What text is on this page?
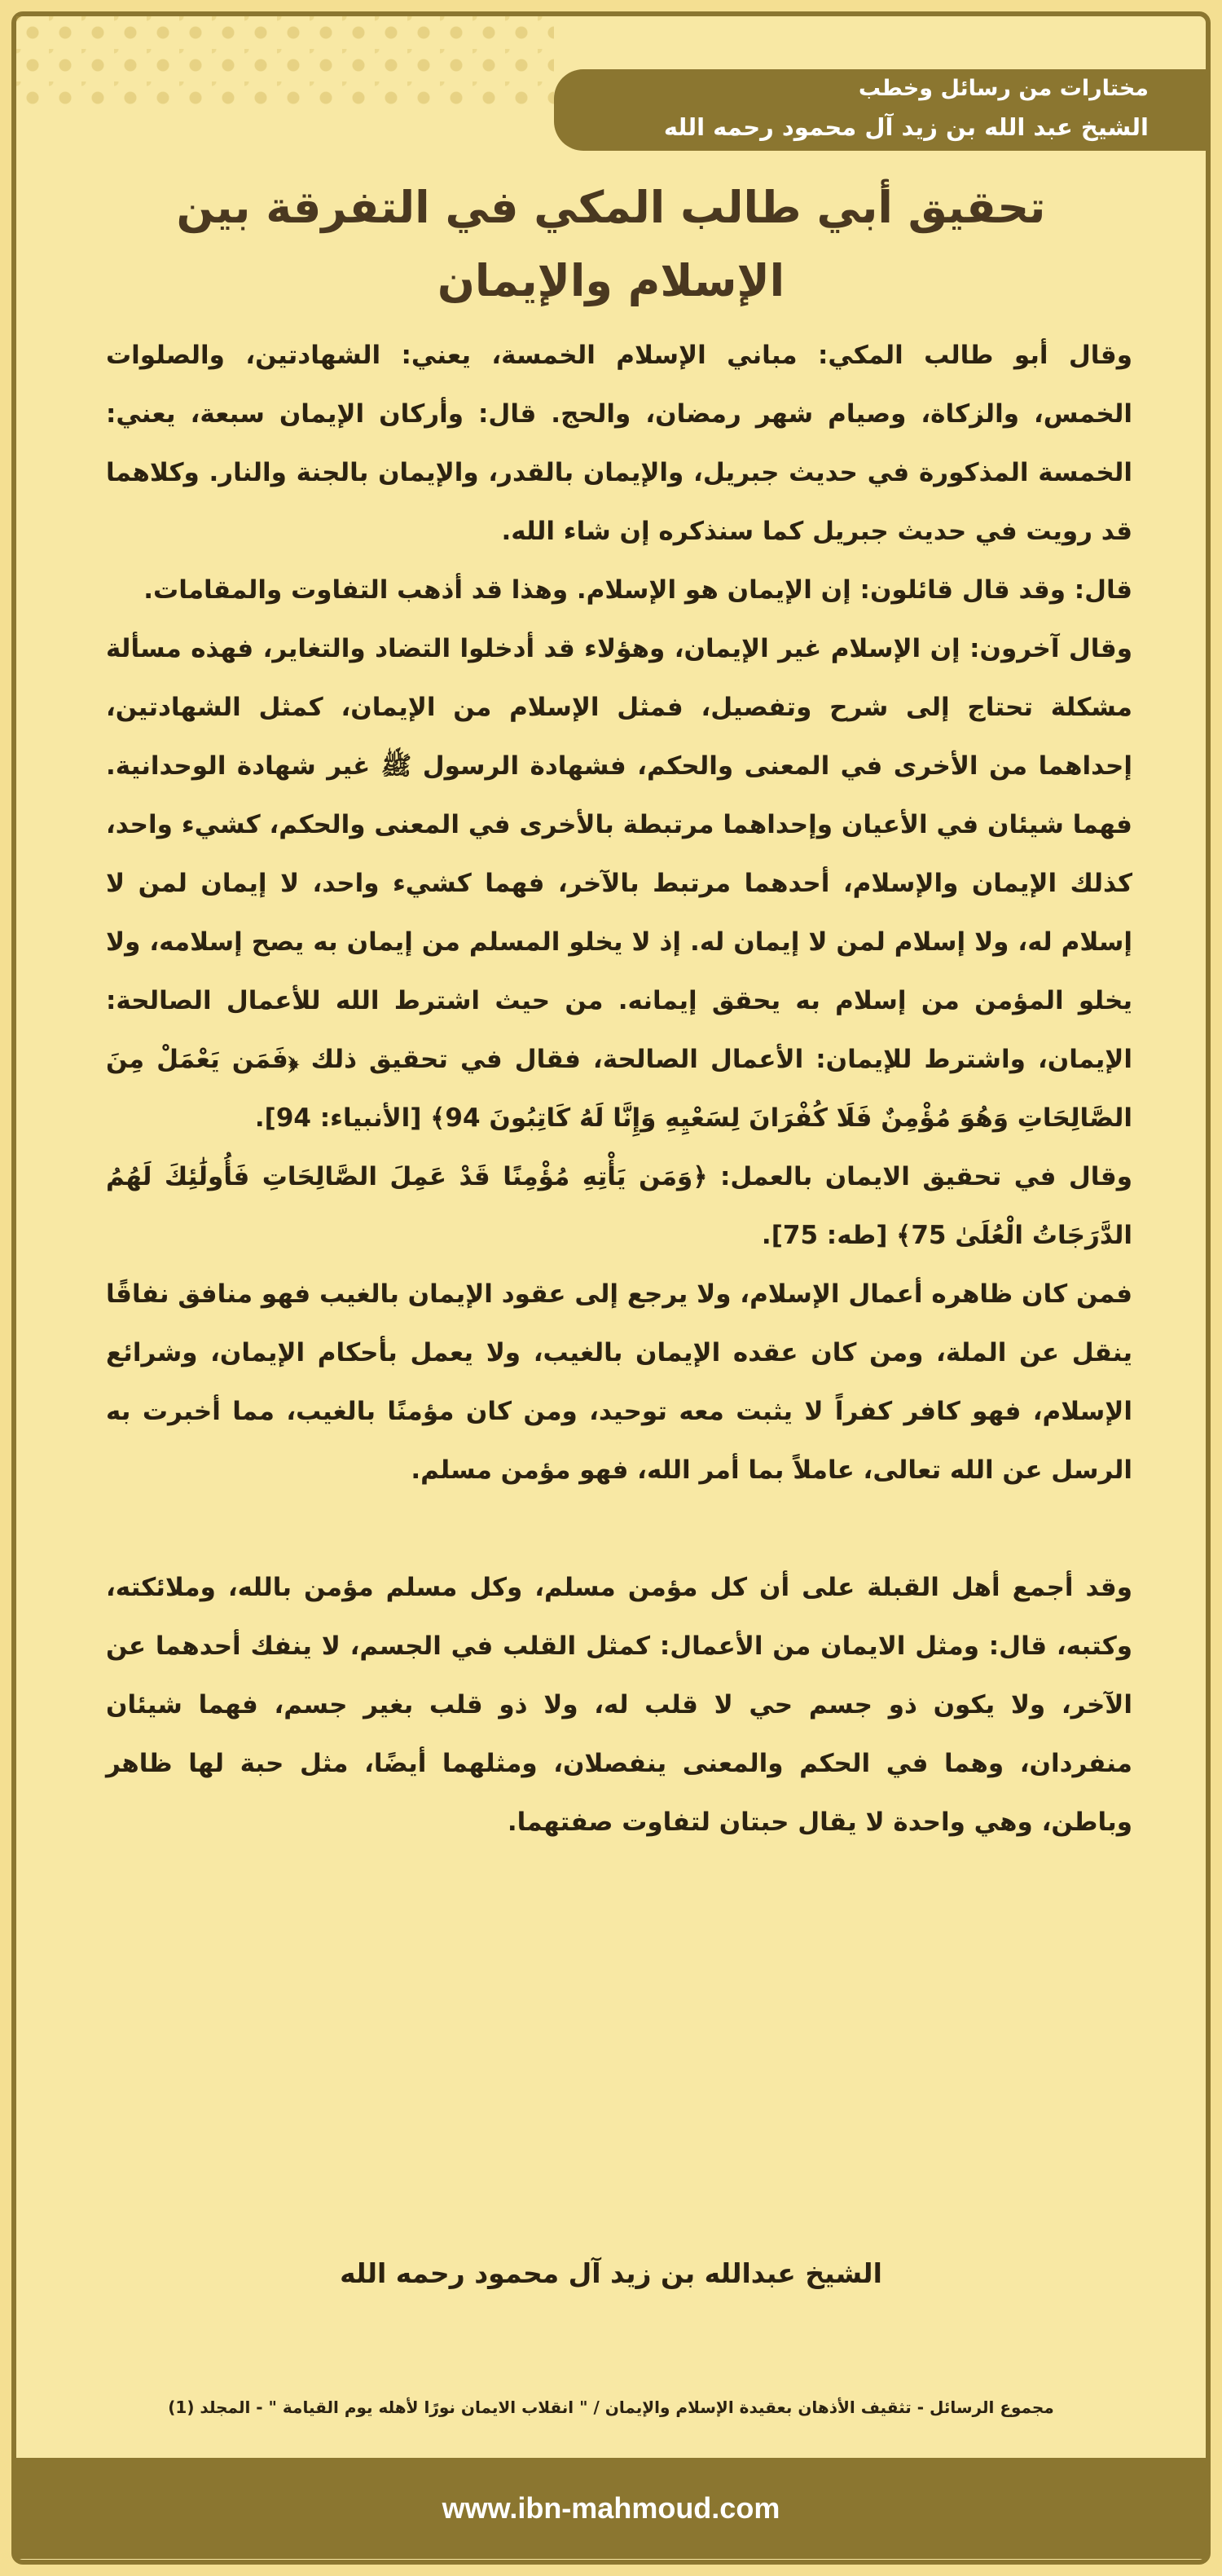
مختارات من رسائل وخطب
الشيخ عبد الله بن زيد آل محمود رحمه الله
تحقيق أبي طالب المكي في التفرقة بين الإسلام والإيمان

وقال أبو طالب المكي: مباني الإسلام الخمسة، يعني: الشهادتين، والصلوات الخمس، والزكاة، وصيام شهر رمضان، والحج. قال: وأركان الإيمان سبعة، يعني: الخمسة المذكورة في حديث جبريل، والإيمان بالقدر، والإيمان بالجنة والنار. وكلاهما قد رويت في حديث جبريل كما سنذكره إن شاء الله.

قال: وقد قال قائلون: إن الإيمان هو الإسلام. وهذا قد أذهب التفاوت والمقامات.

وقال آخرون: إن الإسلام غير الإيمان، وهؤلاء قد أدخلوا التضاد والتغاير، فهذه مسألة مشكلة تحتاج إلى شرح وتفصيل، فمثل الإسلام من الإيمان، كمثل الشهادتين، إحداهما من الأخرى في المعنى والحكم، فشهادة الرسول ﷺ غير شهادة الوحدانية. فهما شيئان في الأعيان وإحداهما مرتبطة بالأخرى في المعنى والحكم، كشيء واحد، كذلك الإيمان والإسلام، أحدهما مرتبط بالآخر، فهما كشيء واحد، لا إيمان لمن لا إسلام له، ولا إسلام لمن لا إيمان له. إذ لا يخلو المسلم من إيمان به يصح إسلامه، ولا يخلو المؤمن من إسلام به يحقق إيمانه. من حيث اشترط الله للأعمال الصالحة: الإيمان، واشترط للإيمان: الأعمال الصالحة، فقال في تحقيق ذلك ﴿فَمَن يَعْمَلْ مِنَ الصَّالِحَاتِ وَهُوَ مُؤْمِنٌ فَلَا كُفْرَانَ لِسَعْيِهِ وَإِنَّا لَهُ كَاتِبُونَ 94﴾ [الأنبياء: 94].

وقال في تحقيق الايمان بالعمل: ﴿وَمَن يَأْتِهِ مُؤْمِنًا قَدْ عَمِلَ الصَّالِحَاتِ فَأُولَٰئِكَ لَهُمُ الدَّرَجَاتُ الْعُلَىٰ 75﴾ [طه: 75].

فمن كان ظاهره أعمال الإسلام، ولا يرجع إلى عقود الإيمان بالغيب فهو منافق نفاقًا ينقل عن الملة، ومن كان عقده الإيمان بالغيب، ولا يعمل بأحكام الإيمان، وشرائع الإسلام، فهو كافر كفراً لا يثبت معه توحيد، ومن كان مؤمنًا بالغيب، مما أخبرت به الرسل عن الله تعالى، عاملاً بما أمر الله، فهو مؤمن مسلم.

وقد أجمع أهل القبلة على أن كل مؤمن مسلم، وكل مسلم مؤمن بالله، وملائكته، وكتبه، قال: ومثل الايمان من الأعمال: كمثل القلب في الجسم، لا ينفك أحدهما عن الآخر، ولا يكون ذو جسم حي لا قلب له، ولا ذو قلب بغير جسم، فهما شيئان منفردان، وهما في الحكم والمعنى ينفصلان، ومثلهما أيضًا، مثل حبة لها ظاهر وباطن، وهي واحدة لا يقال حبتان لتفاوت صفتهما.

الشيخ عبدالله بن زيد آل محمود رحمه الله
مجموع الرسائل - تثقيف الأذهان بعقيدة الإسلام والإيمان / " انقلاب الايمان نورًا لأهله يوم القيامة " - المجلد (1)
www.ibn-mahmoud.com
